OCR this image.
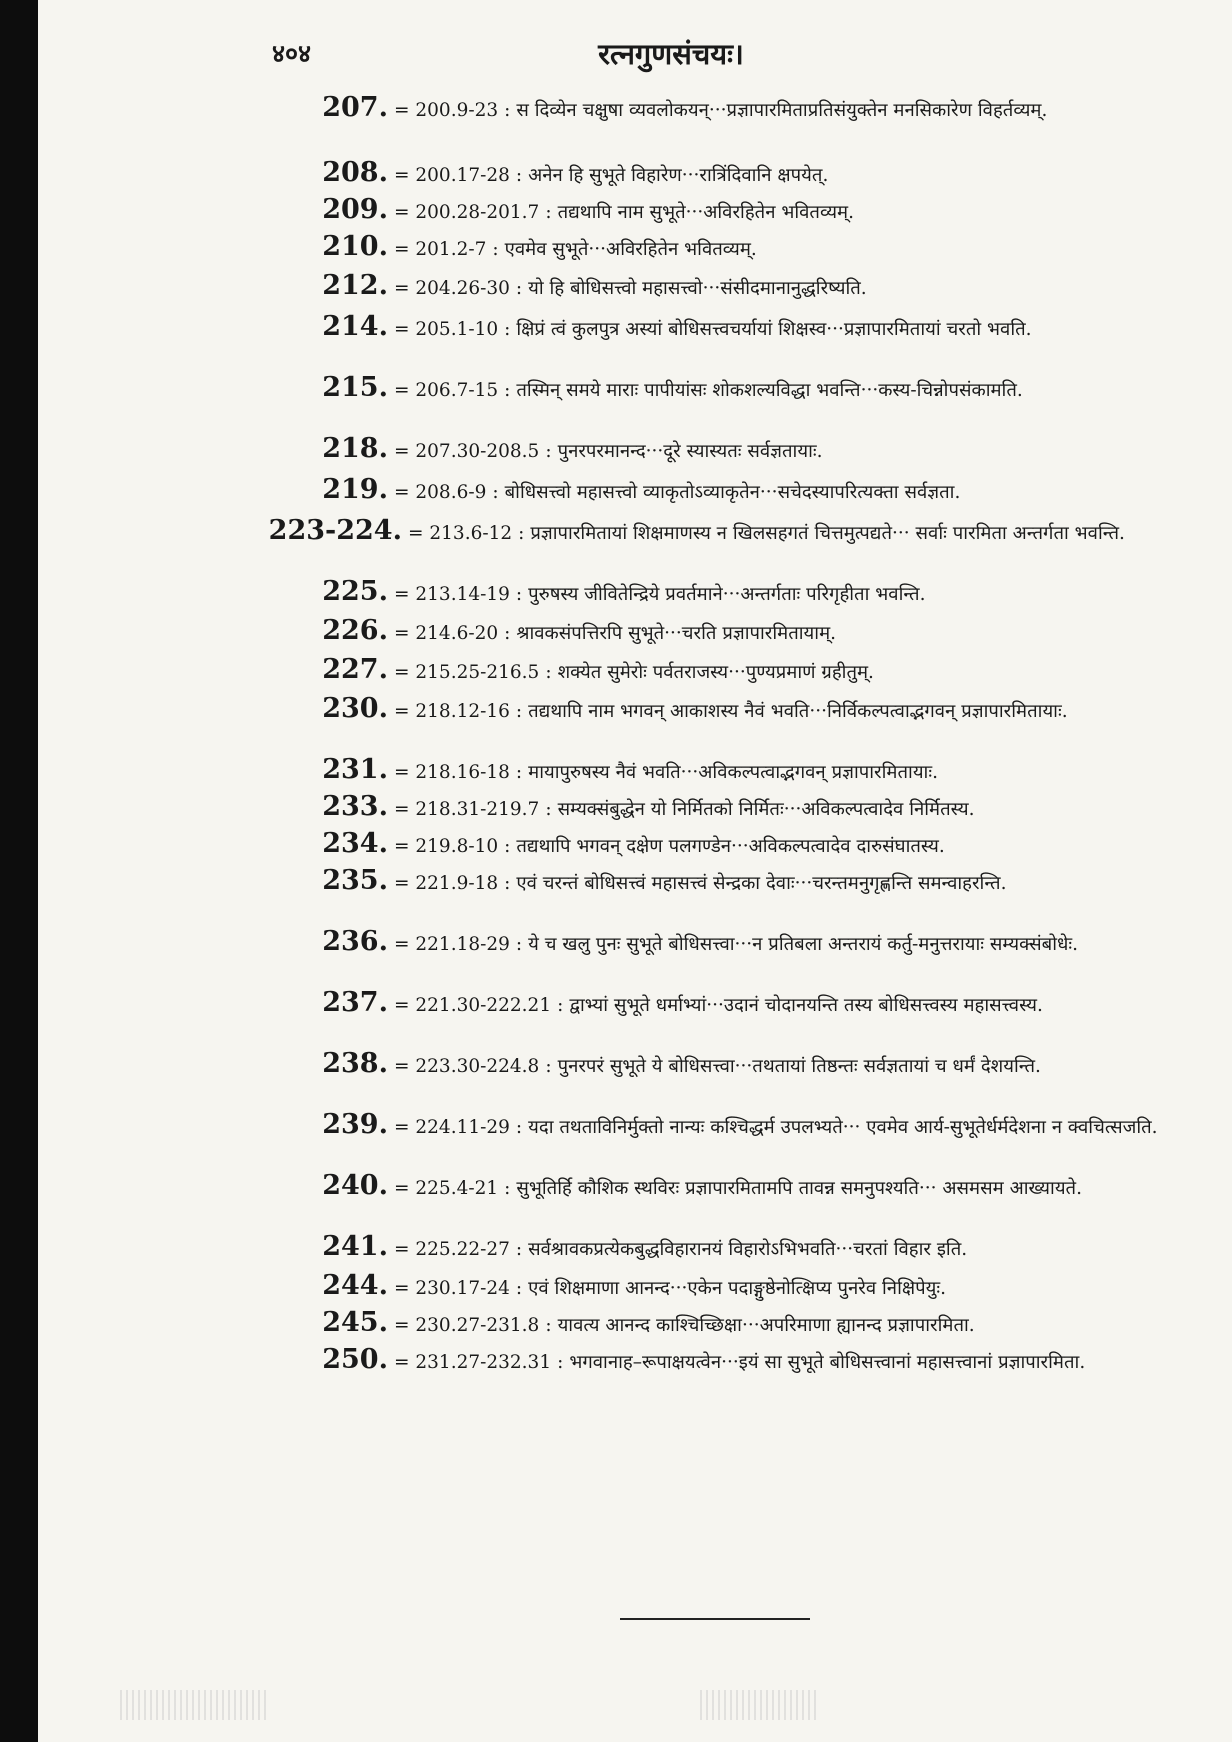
४०४	रत्नगुणसंचयः।
207. = 200.9-23 : स दिव्येन चक्षुषा व्यवलोकयन्···प्रज्ञापारमिताप्रतिसंयुक्तेन मनसिकारेण विहर्तव्यम्.
208. = 200.17-28 : अनेन हि सुभूते विहारेण···रात्रिंदिवानि क्षपयेत्.
209. = 200.28-201.7 : तद्यथापि नाम सुभूते···अविरहितेन भवितव्यम्.
210. = 201.2-7 : एवमेव सुभूते···अविरहितेन भवितव्यम्.
212. = 204.26-30 : यो हि बोधिसत्त्वो महासत्त्वो···संसीदमानानुद्धरिष्यति.
214. = 205.1-10 : क्षिप्रं त्वं कुलपुत्र अस्यां बोधिसत्त्वचर्यायां शिक्षस्व···प्रज्ञापारमितायां चरतो भवति.
215. = 206.7-15 : तस्मिन् समये माराः पापीयांसः शोकशल्यविद्धा भवन्ति···कस्य-चिन्नोपसंकामति.
218. = 207.30-208.5 : पुनरपरमानन्द···दूरे स्यास्यतः सर्वज्ञतायाः.
219. = 208.6-9 : बोधिसत्त्वो महासत्त्वो व्याकृतोऽव्याकृतेन···सचेदस्यापरित्यक्ता सर्वज्ञता.
223-224. = 213.6-12 : प्रज्ञापारमितायां शिक्षमाणस्य न खिलसहगतं चित्तमुत्पद्यते··· सर्वाः पारमिता अन्तर्गता भवन्ति.
225. = 213.14-19 : पुरुषस्य जीवितेन्द्रिये प्रवर्तमाने···अन्तर्गताः परिगृहीता भवन्ति.
226. = 214.6-20 : श्रावकसंपत्तिरपि सुभूते···चरति प्रज्ञापारमितायाम्.
227. = 215.25-216.5 : शक्येत सुमेरोः पर्वतराजस्य···पुण्यप्रमाणं ग्रहीतुम्.
230. = 218.12-16 : तद्यथापि नाम भगवन् आकाशस्य नैवं भवति···निर्विकल्पत्वाद्भगवन् प्रज्ञापारमितायाः.
231. = 218.16-18 : मायापुरुषस्य नैवं भवति···अविकल्पत्वाद्भगवन् प्रज्ञापारमितायाः.
233. = 218.31-219.7 : सम्यक्संबुद्धेन यो निर्मितको निर्मितः···अविकल्पत्वादेव निर्मितस्य.
234. = 219.8-10 : तद्यथापि भगवन् दक्षेण पलगण्डेन···अविकल्पत्वादेव दारुसंघातस्य.
235. = 221.9-18 : एवं चरन्तं बोधिसत्त्वं महासत्त्वं सेन्द्रका देवाः···चरन्तमनुगृह्णन्ति समन्वाहरन्ति.
236. = 221.18-29 : ये च खलु पुनः सुभूते बोधिसत्त्वा···न प्रतिबला अन्तरायं कर्तु-मनुत्तरायाः सम्यक्संबोधेः.
237. = 221.30-222.21 : द्वाभ्यां सुभूते धर्माभ्यां···उदानं चोदानयन्ति तस्य बोधिसत्त्वस्य महासत्त्वस्य.
238. = 223.30-224.8 : पुनरपरं सुभूते ये बोधिसत्त्वा···तथतायां तिष्ठन्तः सर्वज्ञतायां च धर्मं देशयन्ति.
239. = 224.11-29 : यदा तथताविनिर्मुक्तो नान्यः कश्चिद्धर्म उपलभ्यते··· एवमेव आर्य-सुभूतेर्धर्मदेशना न क्वचित्सजति.
240. = 225.4-21 : सुभूतिर्हि कौशिक स्थविरः प्रज्ञापारमितामपि तावन्न समनुपश्यति··· असमसम आख्यायते.
241. = 225.22-27 : सर्वश्रावकप्रत्येकबुद्धविहारानयं विहारोऽभिभवति···चरतां विहार इति.
244. = 230.17-24 : एवं शिक्षमाणा आनन्द···एकेन पदाङ्गुष्ठेनोत्क्षिप्य पुनरेव निक्षिपेयुः.
245. = 230.27-231.8 : यावत्य आनन्द काश्चिच्छिक्षा···अपरिमाणा ह्यानन्द प्रज्ञापारमिता.
250. = 231.27-232.31 : भगवानाह–रूपाक्षयत्वेन···इयं सा सुभूते बोधिसत्त्वानां महासत्त्वानां प्रज्ञापारमिता.
